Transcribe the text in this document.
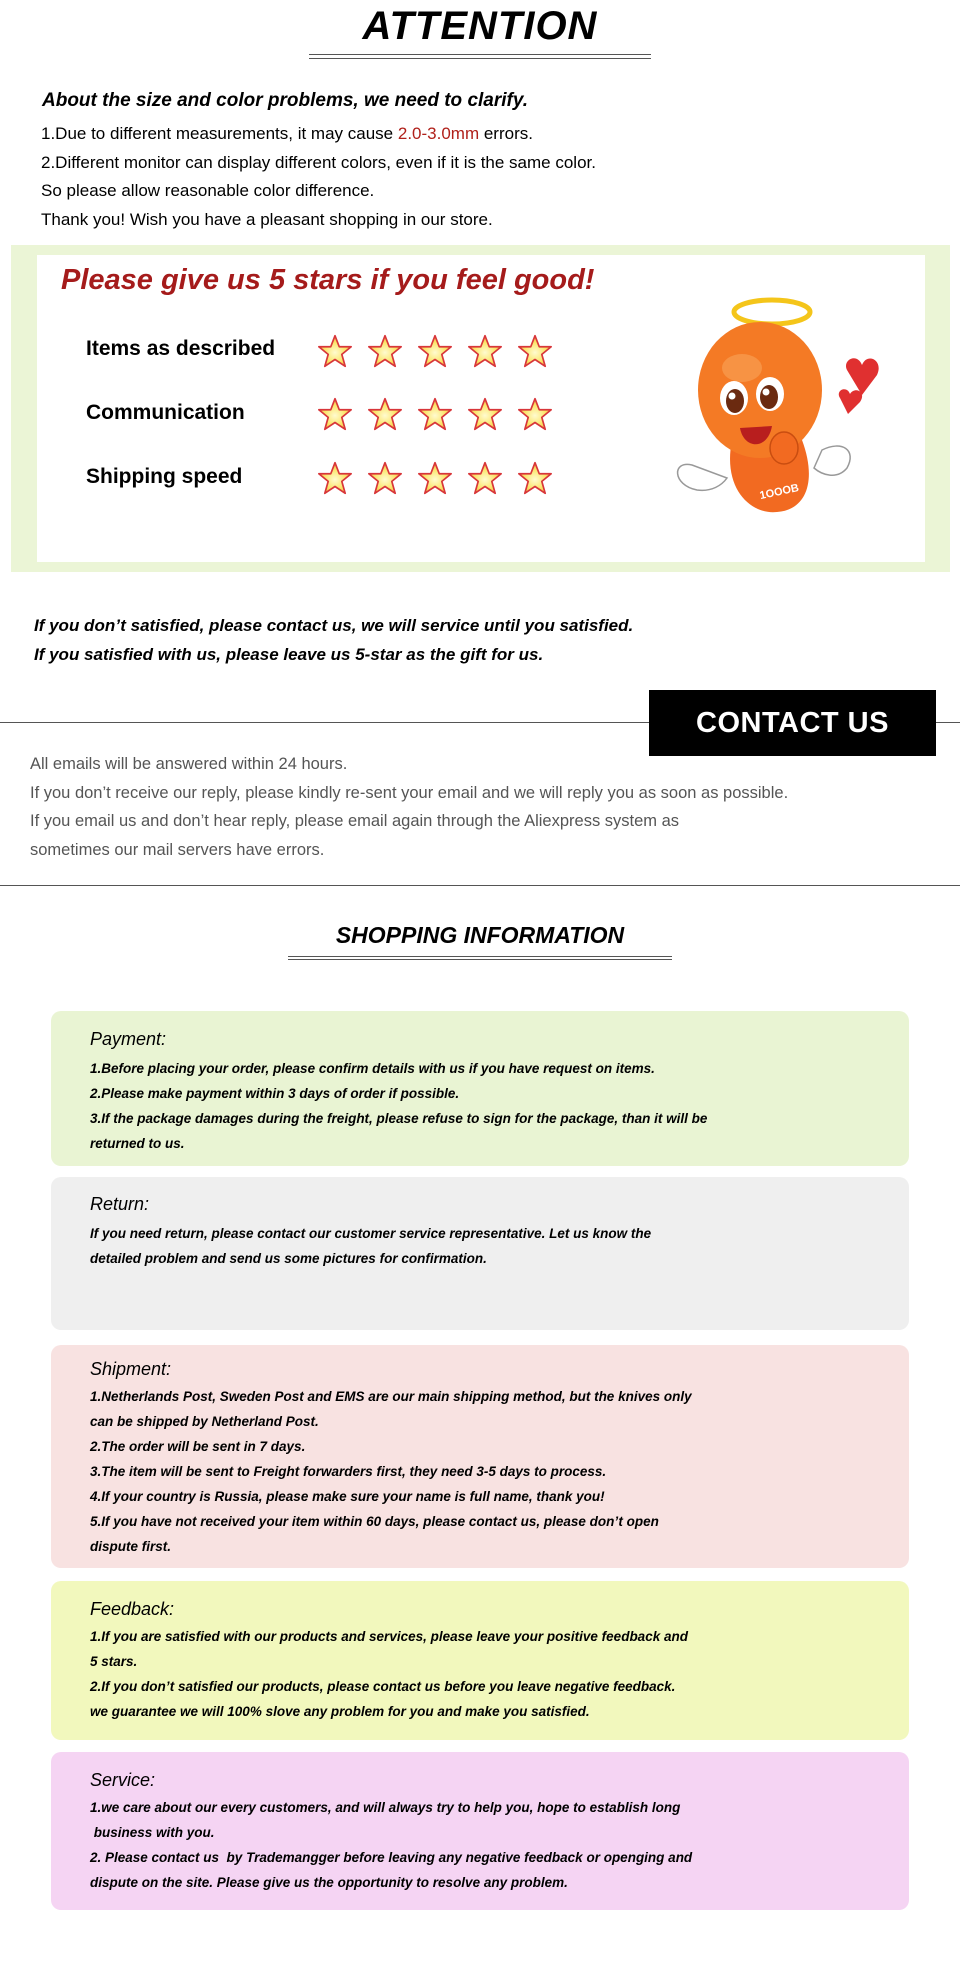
ATTENTION
About the size and color problems, we need to clarify.
1.Due to different measurements, it may cause 2.0-3.0mm errors.
2.Different monitor can display different colors, even if it is the same color.
So please allow reasonable color difference.
Thank you! Wish you have a pleasant shopping in our store.
Please give us 5 stars if you feel good!
Items as described
Communication
Shipping speed
1OOOB
If you don’t satisfied, please contact us, we will service until you satisfied.
If you satisfied with us, please leave us 5-star as the gift for us.
CONTACT US
All emails will be answered within 24 hours.
If you don’t receive our reply, please kindly re-sent your email and we will reply you as soon as possible.
If you email us and don’t hear reply, please email again through the Aliexpress system as
sometimes our mail servers have errors.
SHOPPING INFORMATION
Payment:
1.Before placing your order, please confirm details with us if you have request on items.
2.Please make payment within 3 days of order if possible.
3.If the package damages during the freight, please refuse to sign for the package, than it will be
returned to us.
Return:
If you need return, please contact our customer service representative. Let us know the
detailed problem and send us some pictures for confirmation.
Shipment:
1.Netherlands Post, Sweden Post and EMS are our main shipping method, but the knives only
can be shipped by Netherland Post.
2.The order will be sent in 7 days.
3.The item will be sent to Freight forwarders first, they need 3-5 days to process.
4.If your country is Russia, please make sure your name is full name, thank you!
5.If you have not received your item within 60 days, please contact us, please don’t open
dispute first.
Feedback:
1.If you are satisfied with our products and services, please leave your positive feedback and
5 stars.
2.If you don’t satisfied our products, please contact us before you leave negative feedback.
we guarantee we will 100% slove any problem for you and make you satisfied.
Service:
1.we care about our every customers, and will always try to help you, hope to establish long
business with you.
2. Please contact us  by Trademangger before leaving any negative feedback or openging and
dispute on the site. Please give us the opportunity to resolve any problem.
